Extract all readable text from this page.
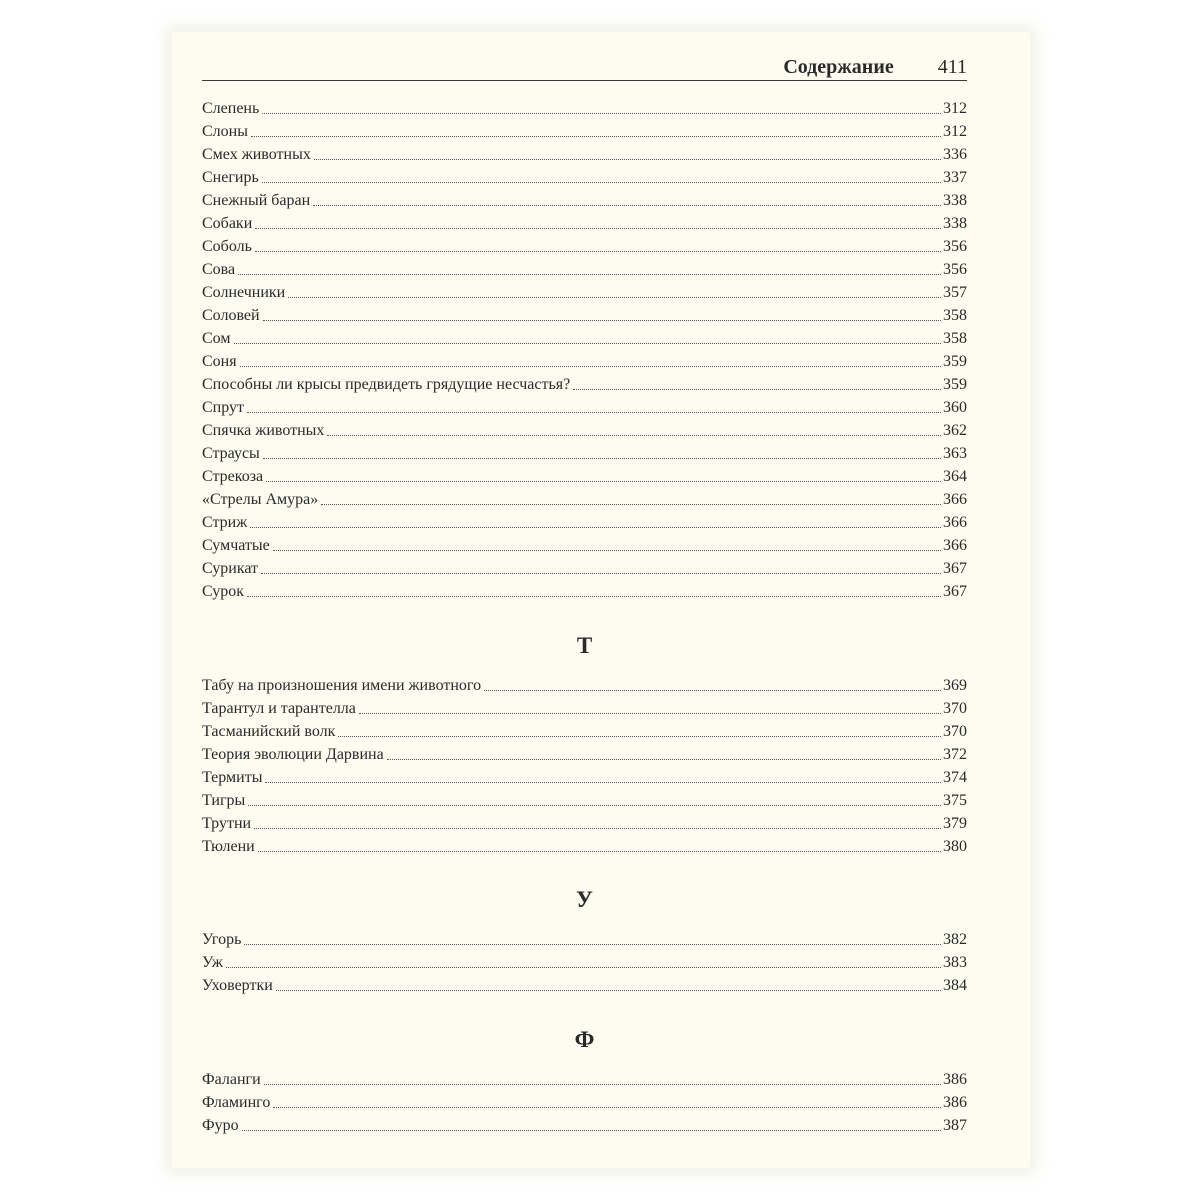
Содержание 411
Слепень	312
Слоны	312
Смех животных	336
Снегирь	337
Снежный баран	338
Собаки	338
Соболь	356
Сова	356
Солнечники	357
Соловей	358
Сом	358
Соня	359
Способны ли крысы предвидеть грядущие несчастья?	359
Спрут	360
Спячка животных	362
Страусы	363
Стрекоза	364
«Стрелы Амура»	366
Стриж	366
Сумчатые	366
Сурикат	367
Сурок	367
Т
Табу на произношения имени животного	369
Тарантул и тарантелла	370
Тасманийский волк	370
Теория эволюции Дарвина	372
Термиты	374
Тигры	375
Трутни	379
Тюлени	380
У
Угорь	382
Уж	383
Уховертки	384
Ф
Фаланги	386
Фламинго	386
Фуро	387
